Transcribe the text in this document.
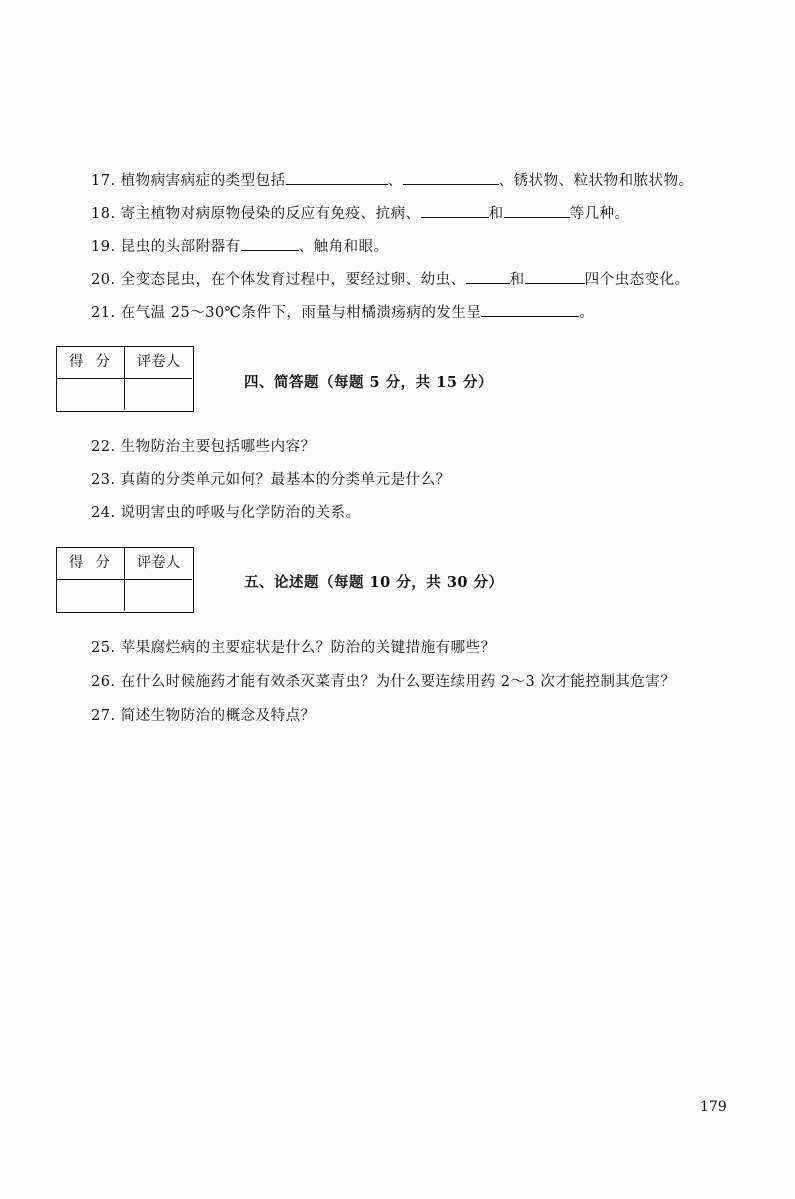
17. 植物病害病症的类型包括	、	、锈状物、粒状物和脓状物。
18. 寄主植物对病原物侵染的反应有免疫、抗病、	和	等几种。
19. 昆虫的头部附器有	、触角和眼。
20. 全变态昆虫，在个体发育过程中，要经过卵、幼虫、	和	四个虫态变化。
21. 在气温 25～30℃条件下，雨量与柑橘溃疡病的发生呈	。
得分	评卷人
四、简答题（每题 5 分，共 15 分）
22. 生物防治主要包括哪些内容？
23. 真菌的分类单元如何？最基本的分类单元是什么？
24. 说明害虫的呼吸与化学防治的关系。
得分	评卷人
五、论述题（每题 10 分，共 30 分）
25. 苹果腐烂病的主要症状是什么？防治的关键措施有哪些？
26. 在什么时候施药才能有效杀灭菜青虫？为什么要连续用药 2～3 次才能控制其危害？
27. 简述生物防治的概念及特点？
179
